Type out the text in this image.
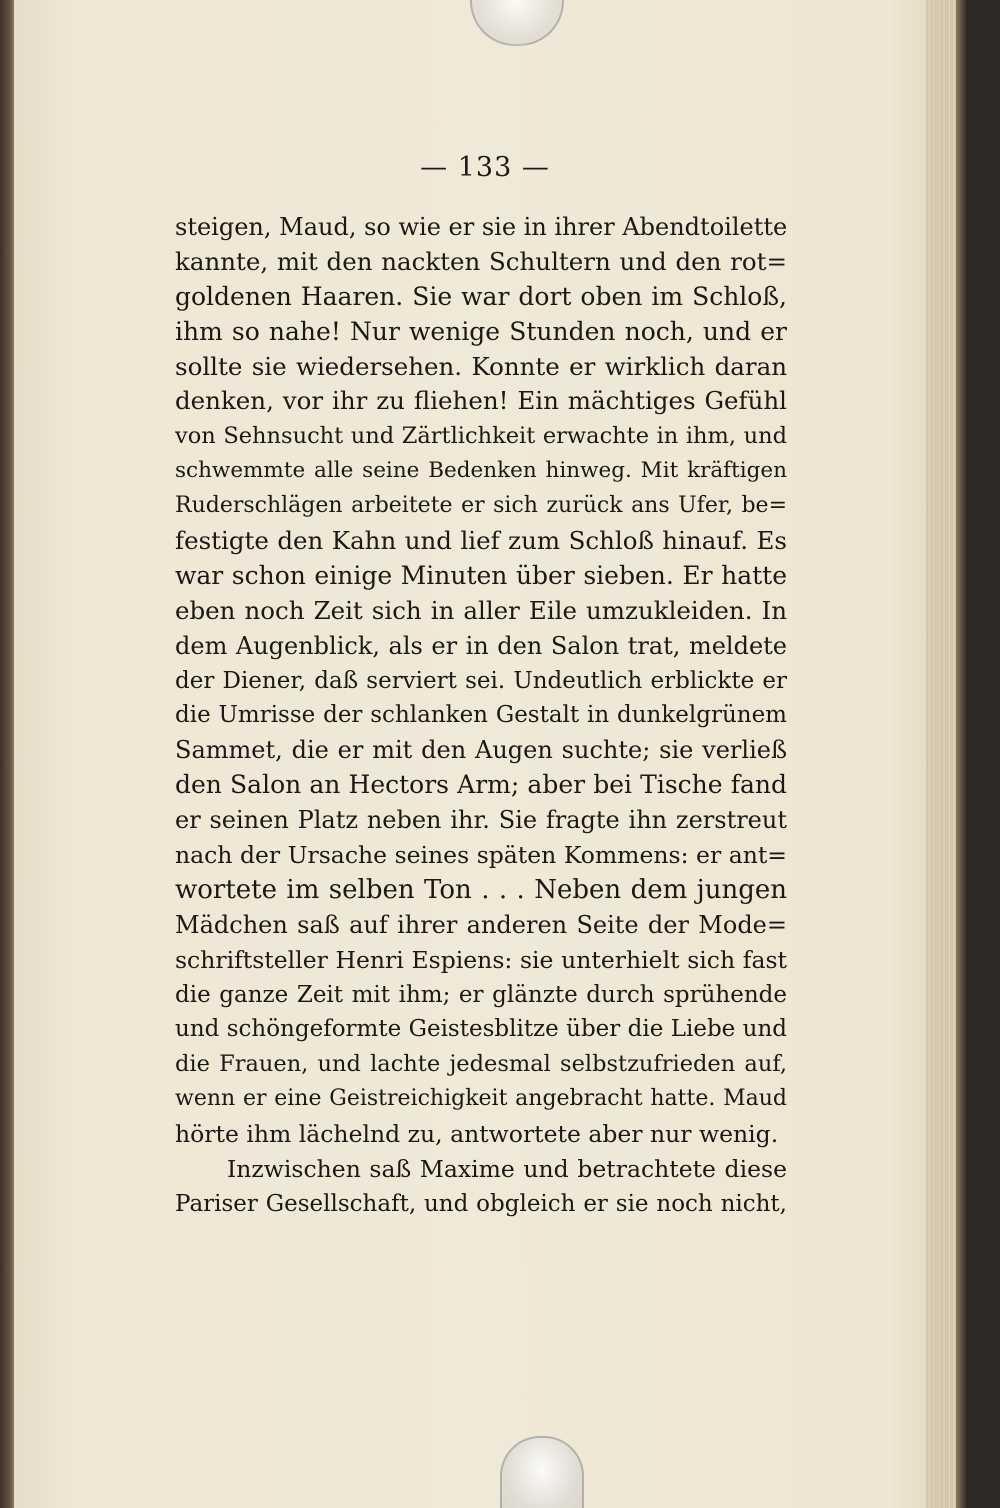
— 133 —
steigen, Maud, so wie er sie in ihrer Abendtoilette
kannte, mit den nackten Schultern und den rot=
goldenen Haaren. Sie war dort oben im Schloß,
ihm so nahe! Nur wenige Stunden noch, und er
sollte sie wiedersehen. Konnte er wirklich daran
denken, vor ihr zu fliehen! Ein mächtiges Gefühl
von Sehnsucht und Zärtlichkeit erwachte in ihm, und
schwemmte alle seine Bedenken hinweg. Mit kräftigen
Ruderschlägen arbeitete er sich zurück ans Ufer, be=
festigte den Kahn und lief zum Schloß hinauf. Es
war schon einige Minuten über sieben. Er hatte
eben noch Zeit sich in aller Eile umzukleiden. In
dem Augenblick, als er in den Salon trat, meldete
der Diener, daß serviert sei. Undeutlich erblickte er
die Umrisse der schlanken Gestalt in dunkelgrünem
Sammet, die er mit den Augen suchte; sie verließ
den Salon an Hectors Arm; aber bei Tische fand
er seinen Platz neben ihr. Sie fragte ihn zerstreut
nach der Ursache seines späten Kommens: er ant=
wortete im selben Ton . . . Neben dem jungen
Mädchen saß auf ihrer anderen Seite der Mode=
schriftsteller Henri Espiens: sie unterhielt sich fast
die ganze Zeit mit ihm; er glänzte durch sprühende
und schöngeformte Geistesblitze über die Liebe und
die Frauen, und lachte jedesmal selbstzufrieden auf,
wenn er eine Geistreichigkeit angebracht hatte. Maud
hörte ihm lächelnd zu, antwortete aber nur wenig.
Inzwischen saß Maxime und betrachtete diese
Pariser Gesellschaft, und obgleich er sie noch nicht,
